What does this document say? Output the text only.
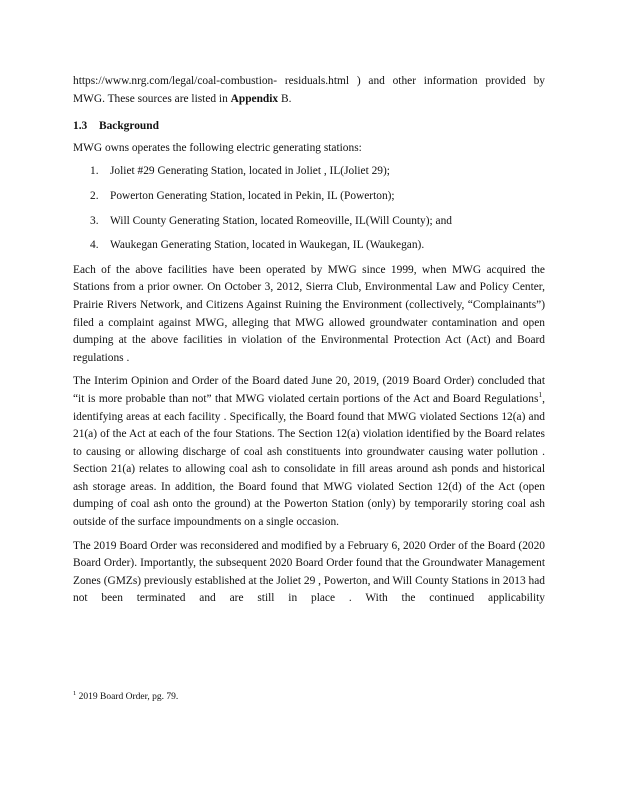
https://www.nrg.com/legal/coal-combustion- residuals.html ) and other information provided by MWG. These sources are listed in Appendix B.

1.3 Background

MWG owns operates the following electric generating stations:

1.	Joliet #29 Generating Station, located in Joliet , IL(Joliet 29);
2.	Powerton Generating Station, located in Pekin, IL (Powerton);
3.	Will County Generating Station, located Romeoville, IL(Will County); and
4.	Waukegan Generating Station, located in Waukegan, IL (Waukegan).

Each of the above facilities have been operated by MWG since 1999, when MWG acquired the Stations from a prior owner. On October 3, 2012, Sierra Club, Environmental Law and Policy Center, Prairie Rivers Network, and Citizens Against Ruining the Environment (collectively, “Complainants”) filed a complaint against MWG, alleging that MWG allowed groundwater contamination and open dumping at the above facilities in violation of the Environmental Protection Act (Act) and Board regulations .

The Interim Opinion and Order of the Board dated June 20, 2019, (2019 Board Order) concluded that “it is more probable than not” that MWG violated certain portions of the Act and Board Regulations$^1$, identifying areas at each facility . Specifically, the Board found that MWG violated Sections 12(a) and 21(a) of the Act at each of the four Stations. The Section 12(a) violation identified by the Board relates to causing or allowing discharge of coal ash constituents into groundwater causing water pollution . Section 21(a) relates to allowing coal ash to consolidate in fill areas around ash ponds and historical ash storage areas. In addition, the Board found that MWG violated Section 12(d) of the Act (open dumping of coal ash onto the ground) at the Powerton Station (only) by temporarily storing coal ash outside of the surface impoundments on a single occasion.

The 2019 Board Order was reconsidered and modified by a February 6, 2020 Order of the Board (2020 Board Order). Importantly, the subsequent 2020 Board Order found that the Groundwater Management Zones (GMZs) previously established at the Joliet 29 , Powerton, and Will County Stations in 2013 had not been terminated and are still in place . With the continued applicability

$^1$ 2019 Board Order, pg. 79.
